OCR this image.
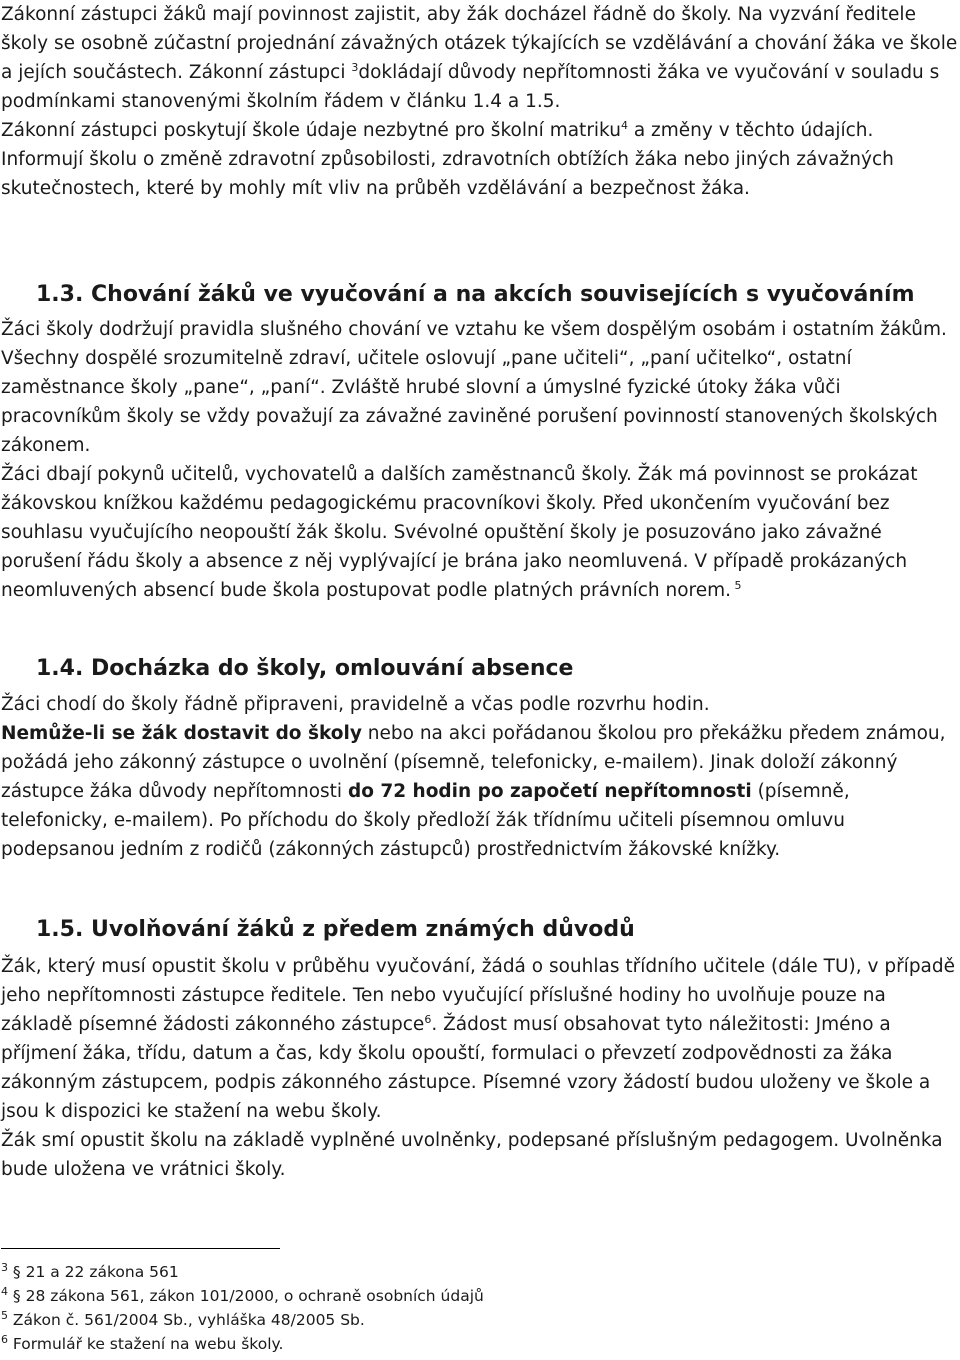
Zákonní zástupci žáků mají povinnost zajistit, aby žák docházel řádně do školy. Na vyzvání ředitele školy se osobně zúčastní projednání závažných otázek týkajících se vzdělávání a chování žáka ve škole a jejích součástech. Zákonní zástupci $^3$dokládají důvody nepřítomnosti žáka ve vyučování v souladu s podmínkami stanovenými školním řádem v článku 1.4 a 1.5.
Zákonní zástupci poskytují škole údaje nezbytné pro školní matriku$^4$ a změny v těchto údajích.
Informují školu o změně zdravotní způsobilosti, zdravotních obtížích žáka nebo jiných závažných skutečnostech, které by mohly mít vliv na průběh vzdělávání a bezpečnost žáka.

1.3. Chování žáků ve vyučování a na akcích souvisejících s vyučováním

Žáci školy dodržují pravidla slušného chování ve vztahu ke všem dospělým osobám i ostatním žákům. Všechny dospělé srozumitelně zdraví, učitele oslovují „pane učiteli“, „paní učitelko“, ostatní zaměstnance školy „pane“, „paní“. Zvláště hrubé slovní a úmyslné fyzické útoky žáka vůči pracovníkům školy se vždy považují za závažné zaviněné porušení povinností stanovených školských zákonem.
Žáci dbají pokynů učitelů, vychovatelů a dalších zaměstnanců školy. Žák má povinnost se prokázat žákovskou knížkou každému pedagogickému pracovníkovi školy. Před ukončením vyučování bez souhlasu vyučujícího neopouští žák školu. Svévolné opuštění školy je posuzováno jako závažné porušení řádu školy a absence z něj vyplývající je brána jako neomluvená. V případě prokázaných neomluvených absencí bude škola postupovat podle platných právních norem. $^5$

1.4. Docházka do školy, omlouvání absence

Žáci chodí do školy řádně připraveni, pravidelně a včas podle rozvrhu hodin.
Nemůže-li se žák dostavit do školy nebo na akci pořádanou školou pro překážku předem známou, požádá jeho zákonný zástupce o uvolnění (písemně, telefonicky, e-mailem). Jinak doloží zákonný zástupce žáka důvody nepřítomnosti do 72 hodin po započetí nepřítomnosti (písemně, telefonicky, e-mailem). Po příchodu do školy předloží žák třídnímu učiteli písemnou omluvu podepsanou jedním z rodičů (zákonných zástupců) prostřednictvím žákovské knížky.

1.5. Uvolňování žáků z předem známých důvodů

Žák, který musí opustit školu v průběhu vyučování, žádá o souhlas třídního učitele (dále TU), v případě jeho nepřítomnosti zástupce ředitele. Ten nebo vyučující příslušné hodiny ho uvolňuje pouze na základě písemné žádosti zákonného zástupce$^6$. Žádost musí obsahovat tyto náležitosti: Jméno a příjmení žáka, třídu, datum a čas, kdy školu opouští, formulaci o převzetí zodpovědnosti za žáka zákonným zástupcem, podpis zákonného zástupce. Písemné vzory žádostí budou uloženy ve škole a jsou k dispozici ke stažení na webu školy.
Žák smí opustit školu na základě vyplněné uvolněnky, podepsané příslušným pedagogem. Uvolněnka bude uložena ve vrátnici školy.

$^3$ § 21 a 22 zákona 561

$^4$ § 28 zákona 561, zákon 101/2000, o ochraně osobních údajů

$^5$ Zákon č. 561/2004 Sb., vyhláška 48/2005 Sb.

$^6$ Formulář ke stažení na webu školy.
